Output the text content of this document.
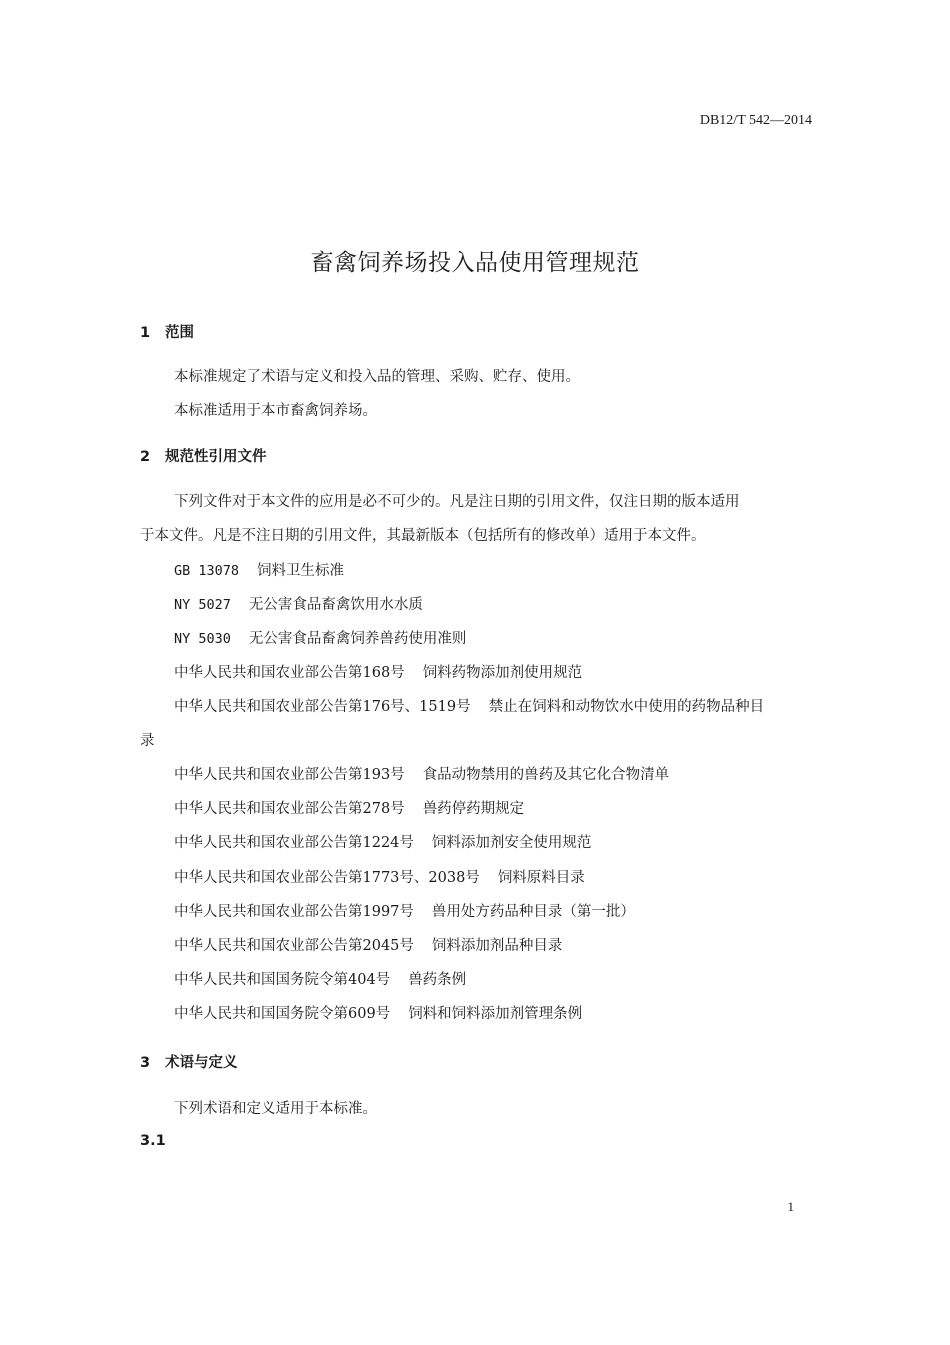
DB12/T 542—2014
畜禽饲养场投入品使用管理规范
1 范围
本标准规定了术语与定义和投入品的管理、采购、贮存、使用。
本标准适用于本市畜禽饲养场。
2 规范性引用文件
下列文件对于本文件的应用是必不可少的。凡是注日期的引用文件，仅注日期的版本适用
于本文件。凡是不注日期的引用文件，其最新版本（包括所有的修改单）适用于本文件。
GB 13078 饲料卫生标准
NY 5027 无公害食品畜禽饮用水水质
NY 5030 无公害食品畜禽饲养兽药使用准则
中华人民共和国农业部公告第168号 饲料药物添加剂使用规范
中华人民共和国农业部公告第176号、1519号 禁止在饲料和动物饮水中使用的药物品种目
录
中华人民共和国农业部公告第193号 食品动物禁用的兽药及其它化合物清单
中华人民共和国农业部公告第278号 兽药停药期规定
中华人民共和国农业部公告第1224号 饲料添加剂安全使用规范
中华人民共和国农业部公告第1773号、2038号 饲料原料目录
中华人民共和国农业部公告第1997号 兽用处方药品种目录（第一批）
中华人民共和国农业部公告第2045号 饲料添加剂品种目录
中华人民共和国国务院令第404号 兽药条例
中华人民共和国国务院令第609号 饲料和饲料添加剂管理条例
3 术语与定义
下列术语和定义适用于本标准。
3.1
1
